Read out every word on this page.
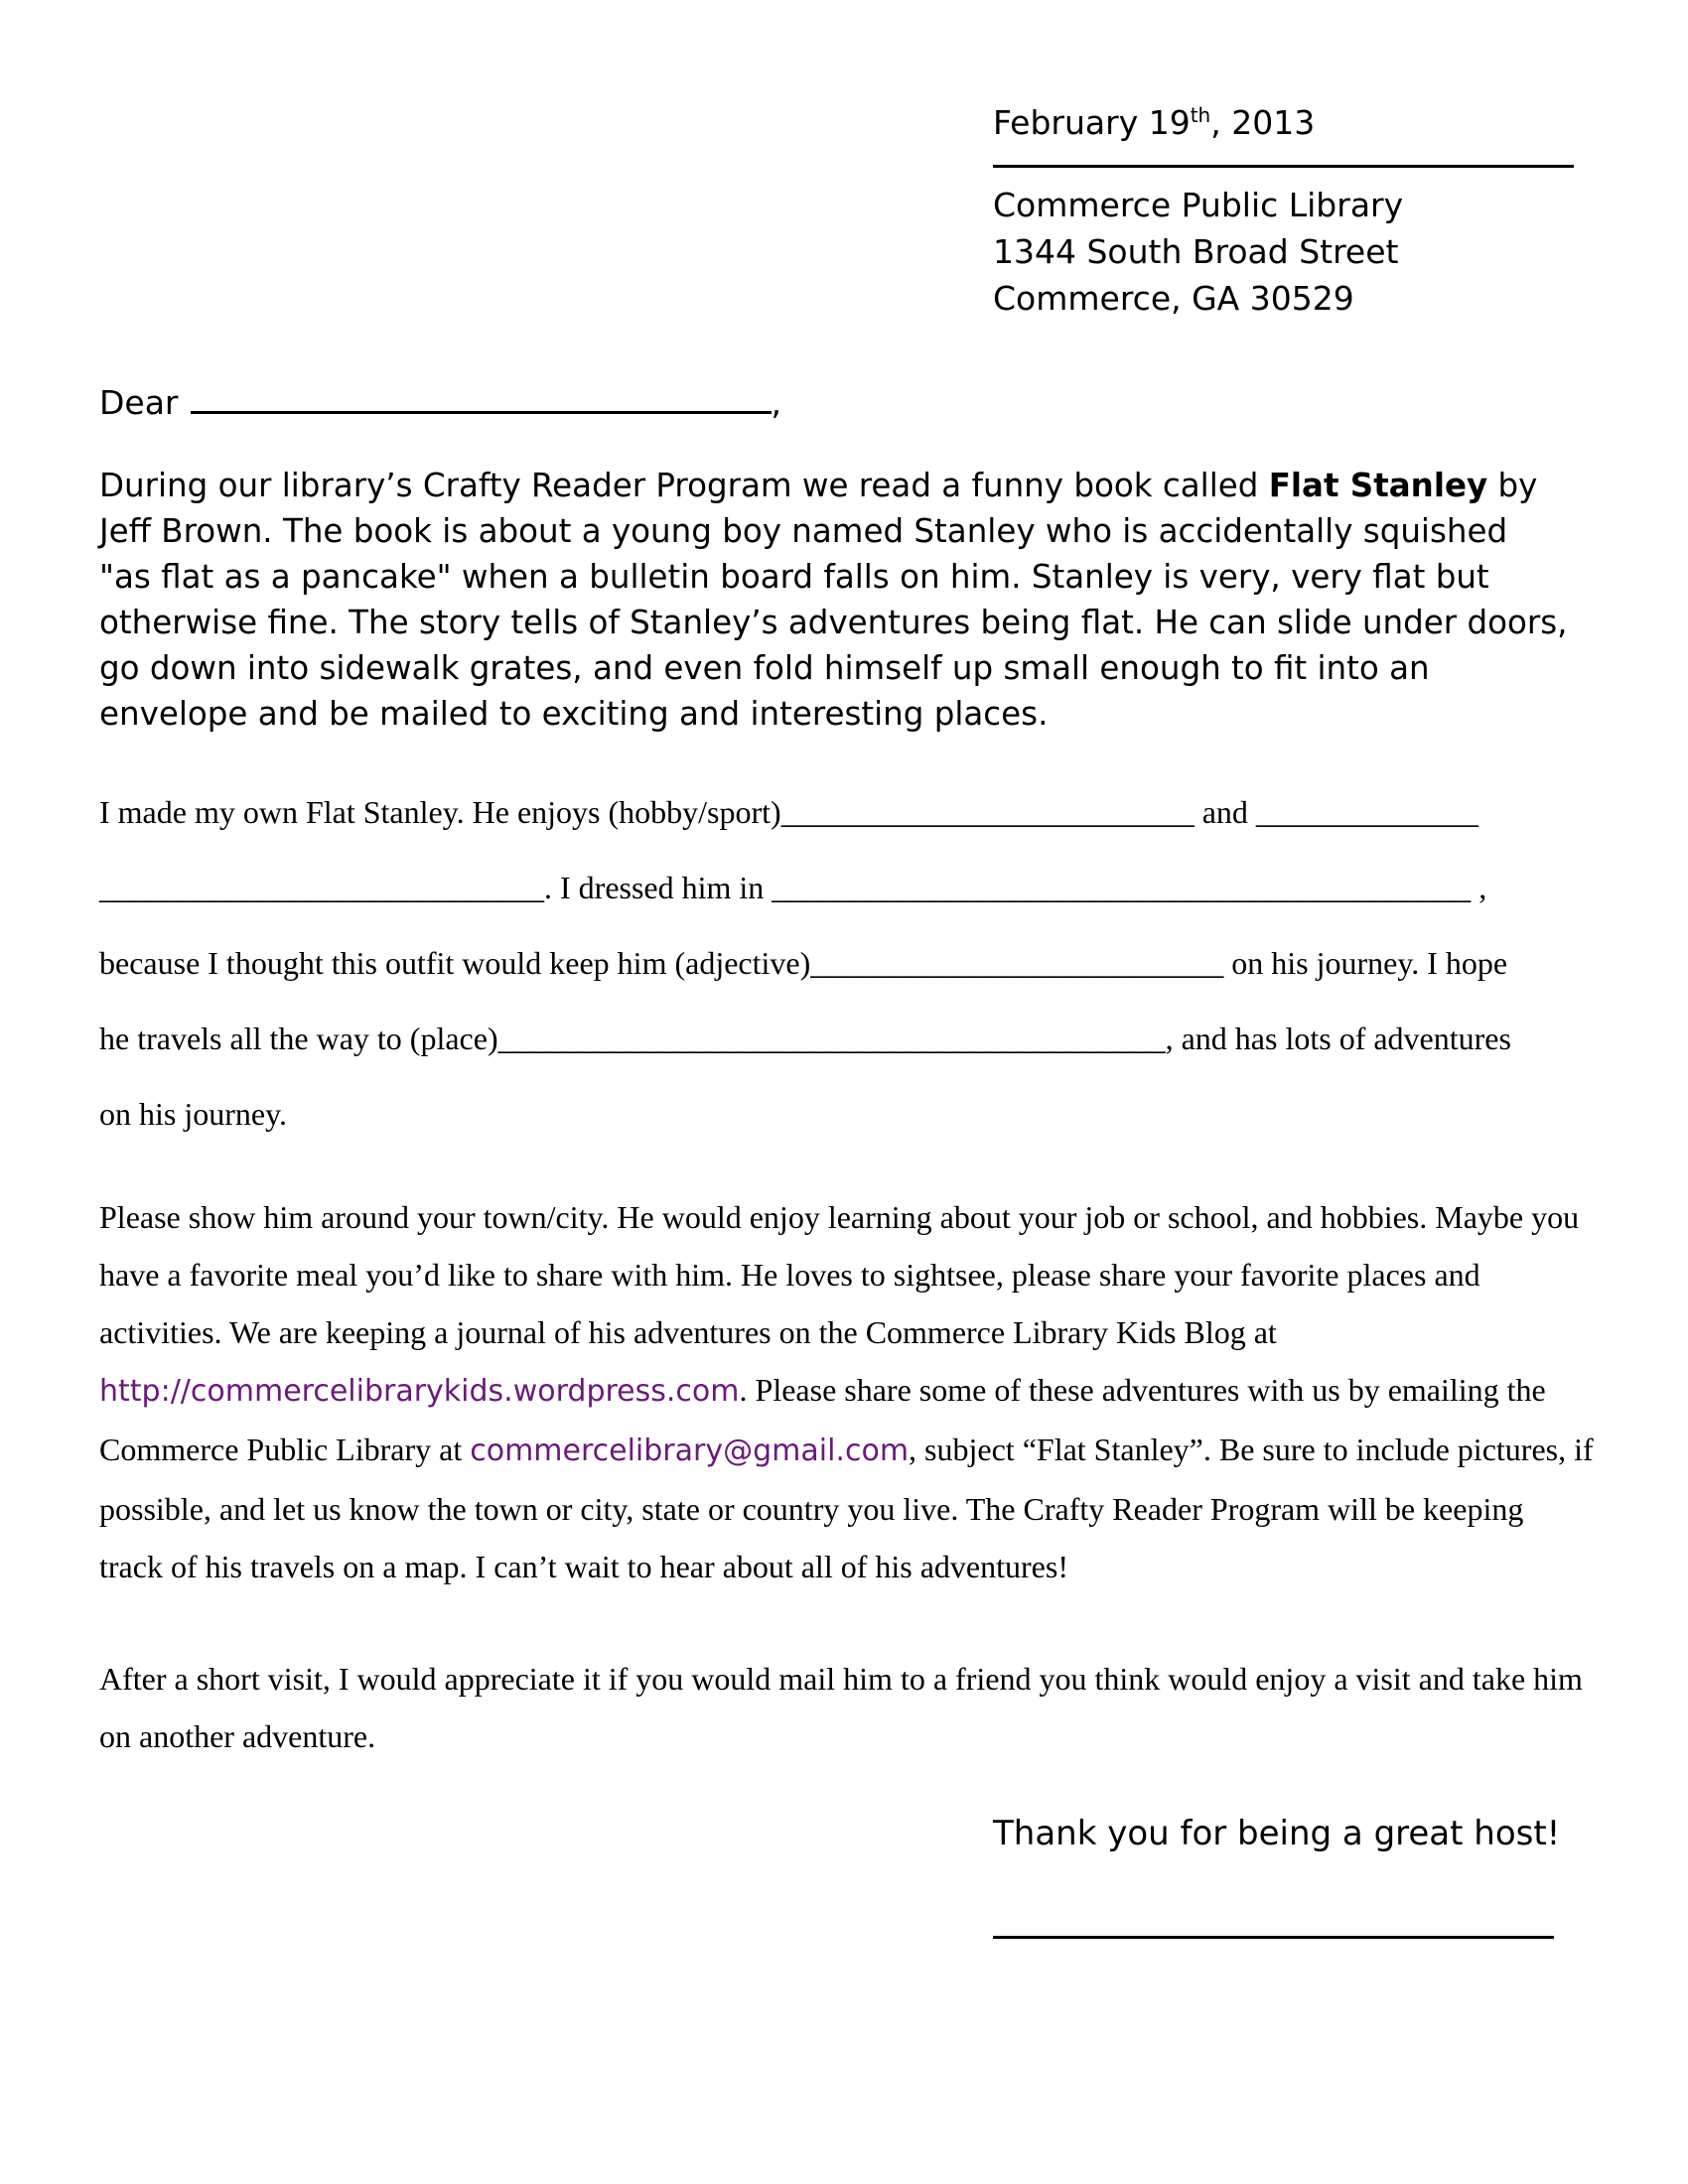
February 19th, 2013

Commerce Public Library

1344 South Broad Street

Commerce, GA 30529

Dear	,

During our library’s Crafty Reader Program we read a funny book called Flat Stanley by Jeff Brown. The book is about a young boy named Stanley who is accidentally squished "as flat as a pancake" when a bulletin board falls on him. Stanley is very, very flat but otherwise fine. The story tells of Stanley’s adventures being flat. He can slide under doors, go down into sidewalk grates, and even fold himself up small enough to fit into an envelope and be mailed to exciting and interesting places.

I made my own Flat Stanley. He enjoys (hobby/sport)__________________________ and ______________

____________________________. I dressed him in ____________________________________________ ,

because I thought this outfit would keep him (adjective)__________________________ on his journey. I hope

he travels all the way to (place)__________________________________________, and has lots of adventures

on his journey.

Please show him around your town/city. He would enjoy learning about your job or school, and hobbies. Maybe you have a favorite meal you’d like to share with him. He loves to sightsee, please share your favorite places and activities. We are keeping a journal of his adventures on the Commerce Library Kids Blog at http://commercelibrarykids.wordpress.com. Please share some of these adventures with us by emailing the Commerce Public Library at commercelibrary@gmail.com, subject “Flat Stanley”. Be sure to include pictures, if possible, and let us know the town or city, state or country you live. The Crafty Reader Program will be keeping track of his travels on a map. I can’t wait to hear about all of his adventures!

After a short visit, I would appreciate it if you would mail him to a friend you think would enjoy a visit and take him on another adventure.

Thank you for being a great host!
